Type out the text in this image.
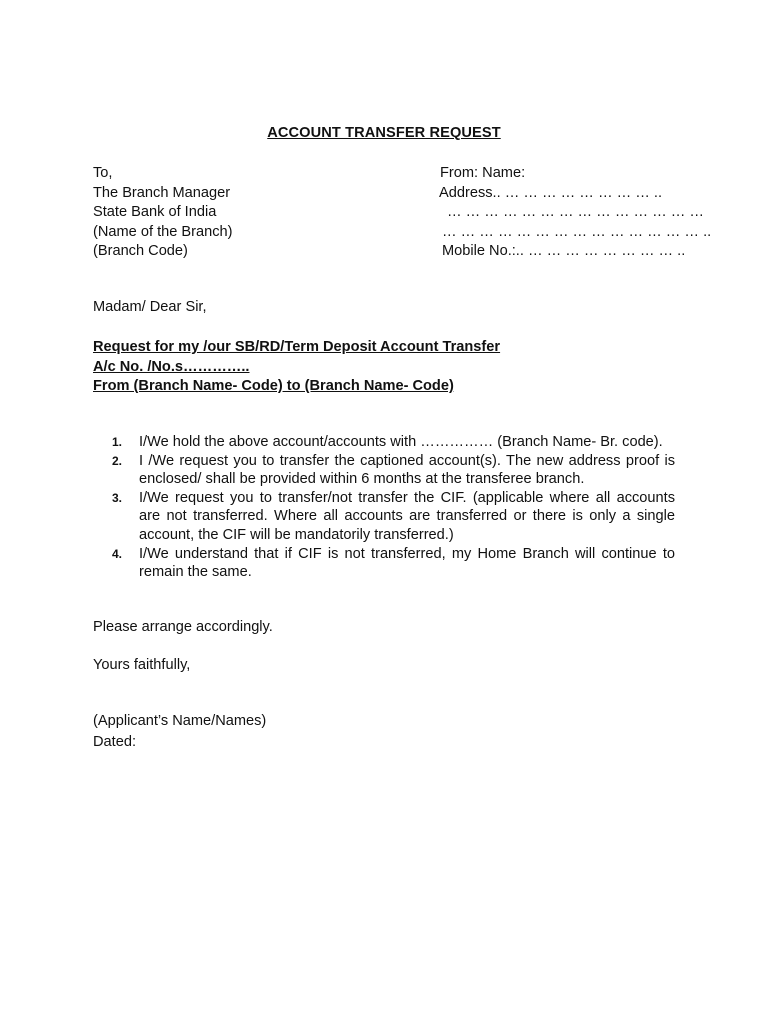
ACCOUNT TRANSFER REQUEST
To,	From: Name:
The Branch Manager	Address.. … … … … … … … … ..
State Bank of India	… … … … … … … … … … … … … …
(Name of the Branch)	… … … … … … … … … … … … … … ..
(Branch Code)	Mobile No.:.. … … … … … … … … ..
Madam/ Dear Sir,
Request for my /our SB/RD/Term Deposit Account Transfer
A/c No. /No.s…………..
From (Branch Name- Code) to (Branch Name- Code)
1. I/We hold the above account/accounts with …………… (Branch Name- Br. code).
2. I /We request you to transfer the captioned account(s). The new address proof is enclosed/ shall be provided within 6 months at the transferee branch.
3. I/We request you to transfer/not transfer the CIF. (applicable where all accounts are not transferred. Where all accounts are transferred or there is only a single account, the CIF will be mandatorily transferred.)
4. I/We understand that if CIF is not transferred, my Home Branch will continue to remain the same.
Please arrange accordingly.
Yours faithfully,
(Applicant’s Name/Names)
Dated:
